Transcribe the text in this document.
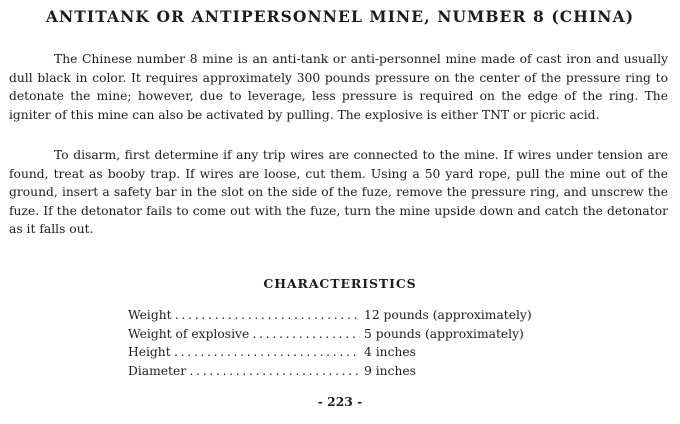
ANTITANK OR ANTIPERSONNEL MINE, NUMBER 8 (CHINA)

The Chinese number 8 mine is an anti-tank or anti-personnel mine made of cast iron and usually dull black in color. It requires approximately 300 pounds pressure on the center of the pressure ring to detonate the mine; however, due to leverage, less pressure is required on the edge of the ring. The igniter of this mine can also be activated by pulling. The explosive is either TNT or picric acid.

To disarm, first determine if any trip wires are connected to the mine. If wires under tension are found, treat as booby trap. If wires are loose, cut them. Using a 50 yard rope, pull the mine out of the ground, insert a safety bar in the slot on the side of the fuze, remove the pressure ring, and unscrew the fuze. If the detonator fails to come out with the fuze, turn the mine upside down and catch the detonator as it falls out.

CHARACTERISTICS
Weight . . .	12 pounds (approximately)
Weight of explosive . . .	5 pounds (approximately)
Height . . .	4 inches
Diameter . . .	9 inches
- 223 -
